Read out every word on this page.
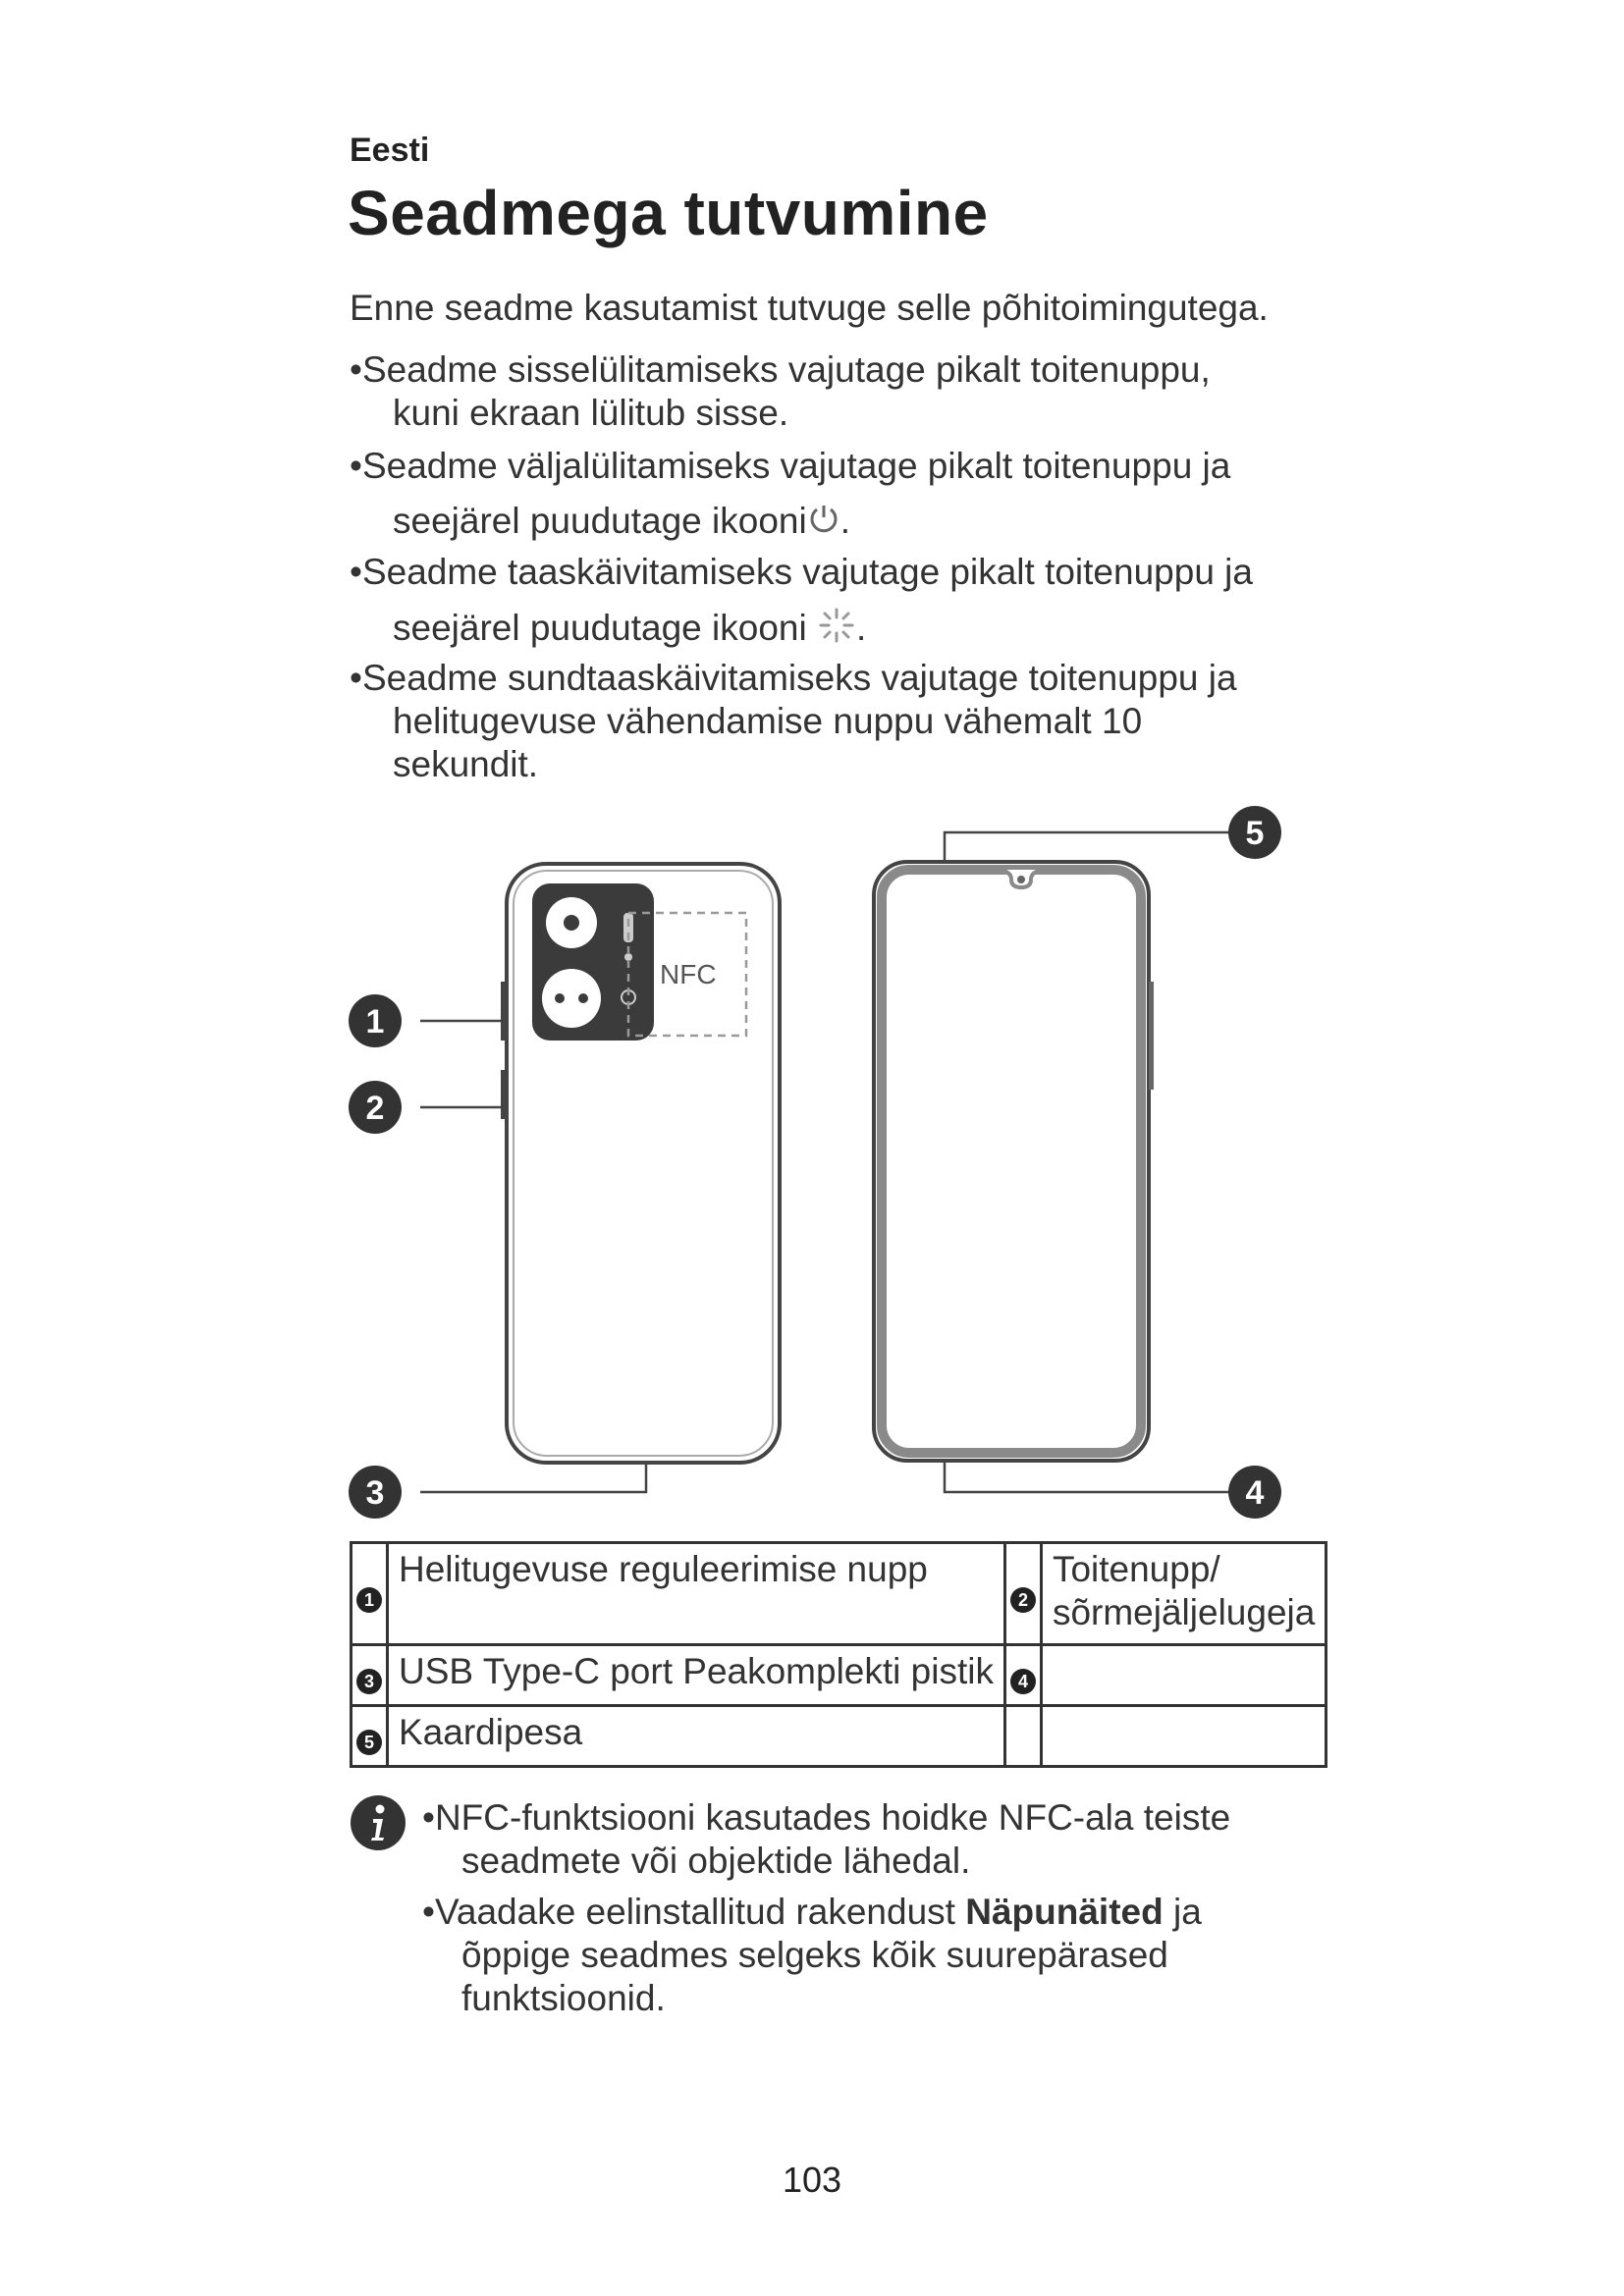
Eesti
Seadmega tutvumine
Enne seadme kasutamist tutvuge selle põhitoimingutega.
•Seadme sisselülitamiseks vajutage pikalt toitenuppu,
kuni ekraan lülitub sisse.
•Seadme väljalülitamiseks vajutage pikalt toitenuppu ja
seejärel puudutage ikooni .
•Seadme taaskäivitamiseks vajutage pikalt toitenuppu ja
seejärel puudutage ikooni .
•Seadme sundtaaskäivitamiseks vajutage toitenuppu ja
helitugevuse vähendamise nuppu vähemalt 10
sekundit.
NFC
1
2
3	4
5
1	Helitugevuse reguleerimise nupp	2	Toitenupp/ sõrmejäljelugeja
3	USB Type-C port Peakomplekti pistik	4	
5	Kaardipesa		
•NFC-funktsiooni kasutades hoidke NFC-ala teiste
seadmete või objektide lähedal.
•Vaadake eelinstallitud rakendust Näpunäited ja
õppige seadmes selgeks kõik suurepärased
funktsioonid.
103
